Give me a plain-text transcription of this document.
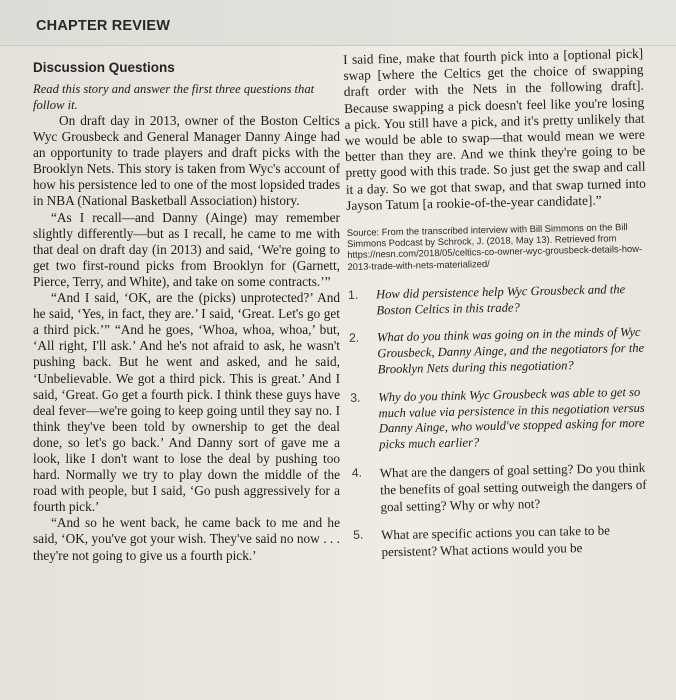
CHAPTER REVIEW
Discussion Questions

Read this story and answer the first three questions that follow it.

On draft day in 2013, owner of the Boston Celtics Wyc Grousbeck and General Manager Danny Ainge had an opportunity to trade players and draft picks with the Brooklyn Nets. This story is taken from Wyc's account of how his persistence led to one of the most lopsided trades in NBA (National Basketball Association) history.

“As I recall—and Danny (Ainge) may remember slightly differently—but as I recall, he came to me with that deal on draft day (in 2013) and said, ‘We're going to get two first-round picks from Brooklyn for (Garnett, Pierce, Terry, and White), and take on some contracts.’”

“And I said, ‘OK, are the (picks) unprotected?’ And he said, ‘Yes, in fact, they are.’ I said, ‘Great. Let's go get a third pick.’” “And he goes, ‘Whoa, whoa, whoa,’ but, ‘All right, I'll ask.’ And he's not afraid to ask, he wasn't pushing back. But he went and asked, and he said, ‘Unbelievable. We got a third pick. This is great.’ And I said, ‘Great. Go get a fourth pick. I think these guys have deal fever—we're going to keep going until they say no. I think they've been told by ownership to get the deal done, so let's go back.’ And Danny sort of gave me a look, like I don't want to lose the deal by pushing too hard. Normally we try to play down the middle of the road with people, but I said, ‘Go push aggressively for a fourth pick.’

“And so he went back, he came back to me and he said, ‘OK, you've got your wish. They've said no now . . . they're not going to give us a fourth pick.’

I said fine, make that fourth pick into a [optional pick] swap [where the Celtics get the choice of swapping draft order with the Nets in the following draft]. Because swapping a pick doesn't feel like you're losing a pick. You still have a pick, and it's pretty unlikely that we would be able to swap—that would mean we were better than they are. And we think they're going to be pretty good with this trade. So just get the swap and call it a day. So we got that swap, and that swap turned into Jayson Tatum [a rookie-of-the-year candidate].”

Source: From the transcribed interview with Bill Simmons on the Bill Simmons Podcast by Schrock, J. (2018, May 13). Retrieved from https://nesn.com/2018/05/celtics-co-owner-wyc-grousbeck-details-how-2013-trade-with-nets-materialized/
1. How did persistence help Wyc Grousbeck and the Boston Celtics in this trade?
2. What do you think was going on in the minds of Wyc Grousbeck, Danny Ainge, and the negotiators for the Brooklyn Nets during this negotiation?
3. Why do you think Wyc Grousbeck was able to get so much value via persistence in this negotiation versus Danny Ainge, who would've stopped asking for more picks much earlier?
4. What are the dangers of goal setting? Do you think the benefits of goal setting outweigh the dangers of goal setting? Why or why not?
5. What are specific actions you can take to be persistent? What actions would you be
